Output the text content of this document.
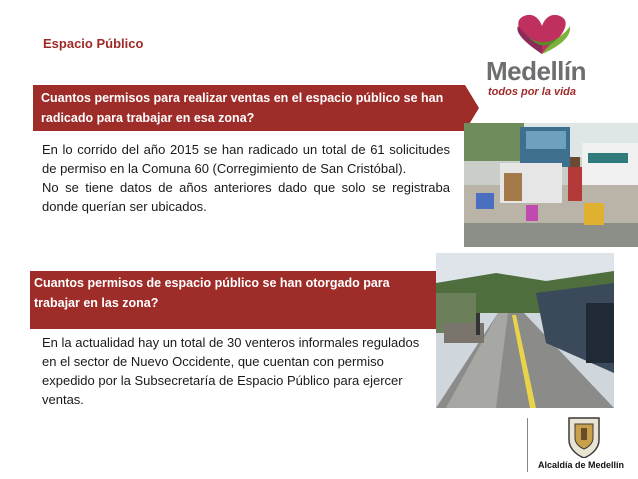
Espacio Público
Medellín
todos por la vida
Cuantos permisos para realizar ventas en el espacio público se han radicado para trabajar en esa zona?
En lo corrido del año 2015 se han radicado un total de 61 solicitudes de permiso en la Comuna 60 (Corregimiento de San Cristóbal).
No se tiene datos de años anteriores dado que solo se registraba donde querían ser ubicados.
Cuantos permisos de espacio público se han otorgado para trabajar en las zona?
En la actualidad hay un total de 30 venteros informales regulados en el sector de Nuevo Occidente, que cuentan con permiso expedido por la Subsecretaría de Espacio Público para ejercer ventas.
Alcaldía de Medellín
